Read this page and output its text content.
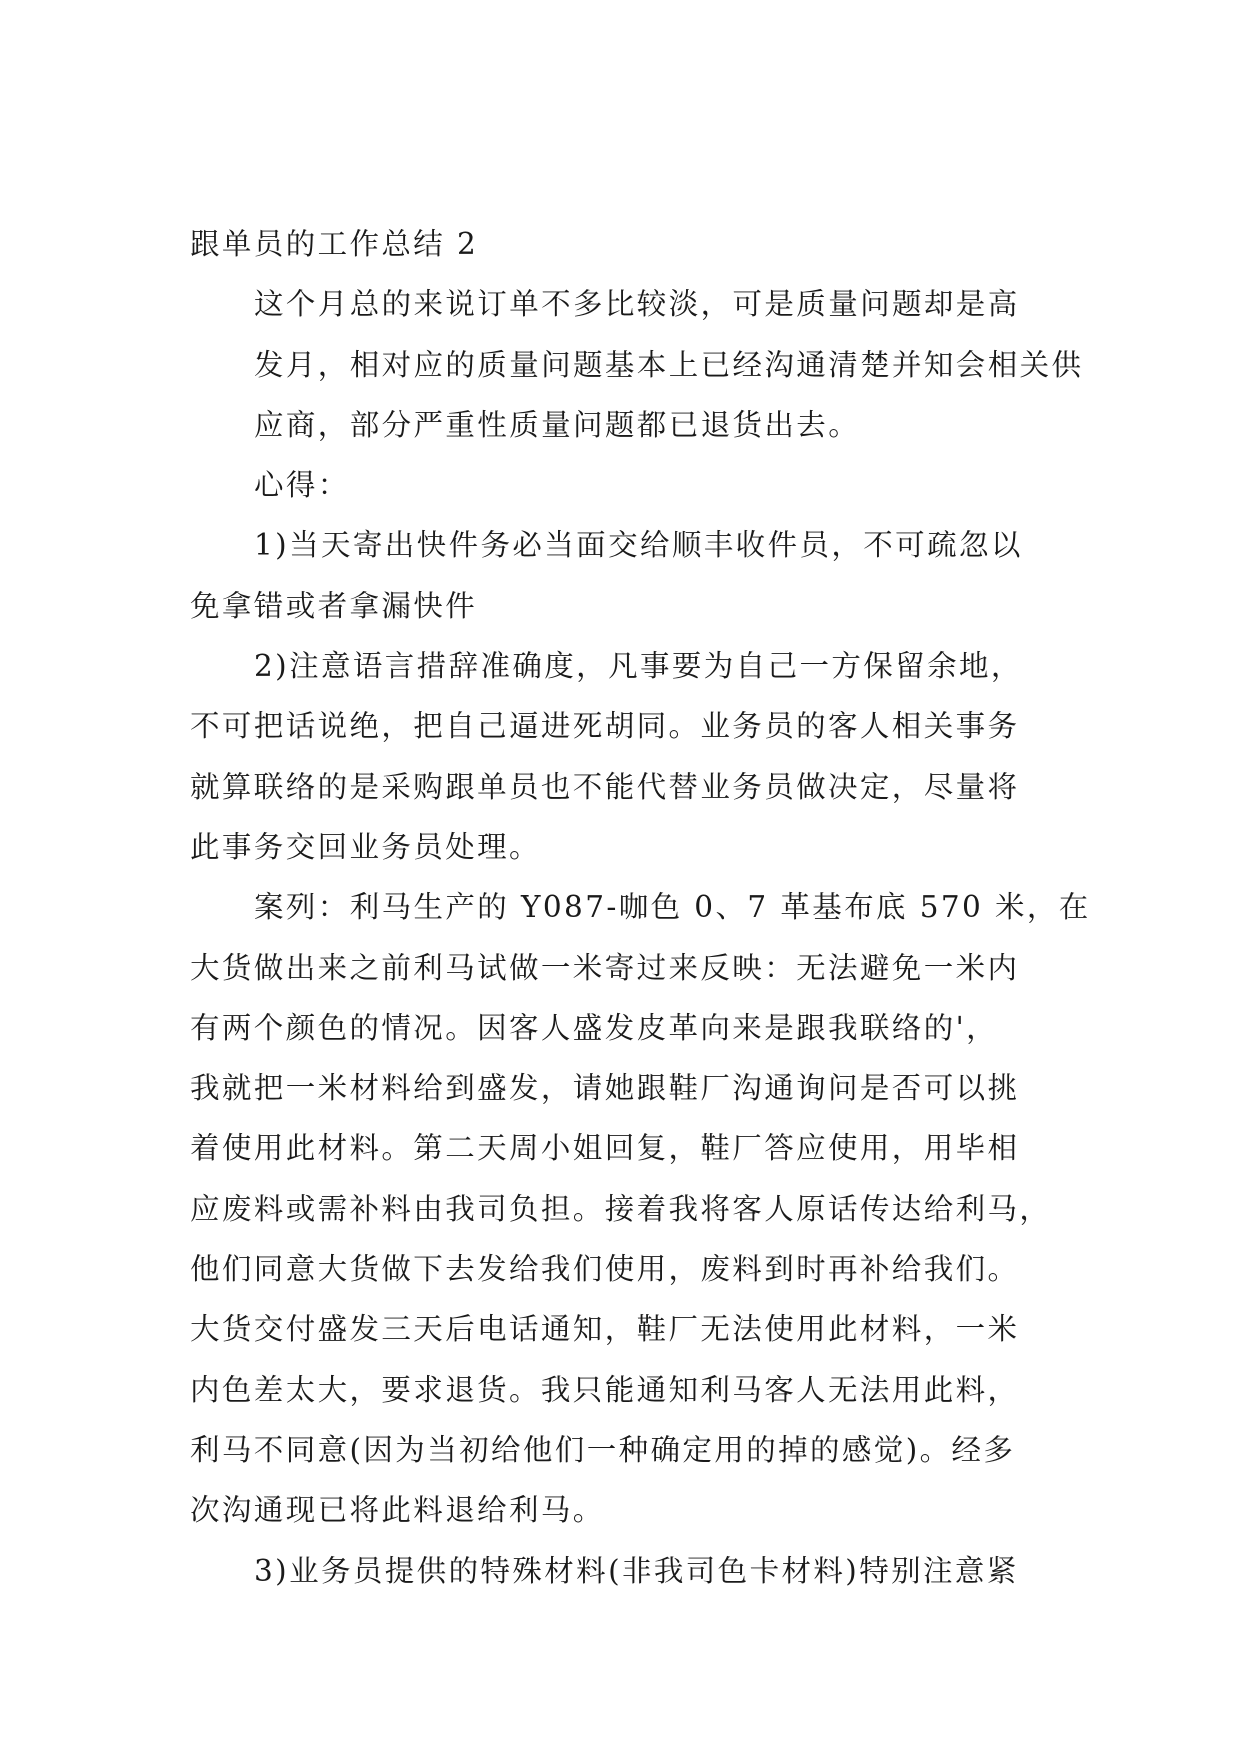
跟单员的工作总结 2

这个月总的来说订单不多比较淡，可是质量问题却是高
发月，相对应的质量问题基本上已经沟通清楚并知会相关供
应商，部分严重性质量问题都已退货出去。

心得：

1)当天寄出快件务必当面交给顺丰收件员，不可疏忽以
免拿错或者拿漏快件

2)注意语言措辞准确度，凡事要为自己一方保留余地，
不可把话说绝，把自己逼进死胡同。业务员的客人相关事务
就算联络的是采购跟单员也不能代替业务员做决定，尽量将
此事务交回业务员处理。

案列：利马生产的 Y087-咖色 0、7 革基布底 570 米，在
大货做出来之前利马试做一米寄过来反映：无法避免一米内
有两个颜色的情况。因客人盛发皮革向来是跟我联络的'，
我就把一米材料给到盛发，请她跟鞋厂沟通询问是否可以挑
着使用此材料。第二天周小姐回复，鞋厂答应使用，用毕相
应废料或需补料由我司负担。接着我将客人原话传达给利马，
他们同意大货做下去发给我们使用，废料到时再补给我们。
大货交付盛发三天后电话通知，鞋厂无法使用此材料，一米
内色差太大，要求退货。我只能通知利马客人无法用此料，
利马不同意(因为当初给他们一种确定用的掉的感觉)。经多
次沟通现已将此料退给利马。

3)业务员提供的特殊材料(非我司色卡材料)特别注意紧
